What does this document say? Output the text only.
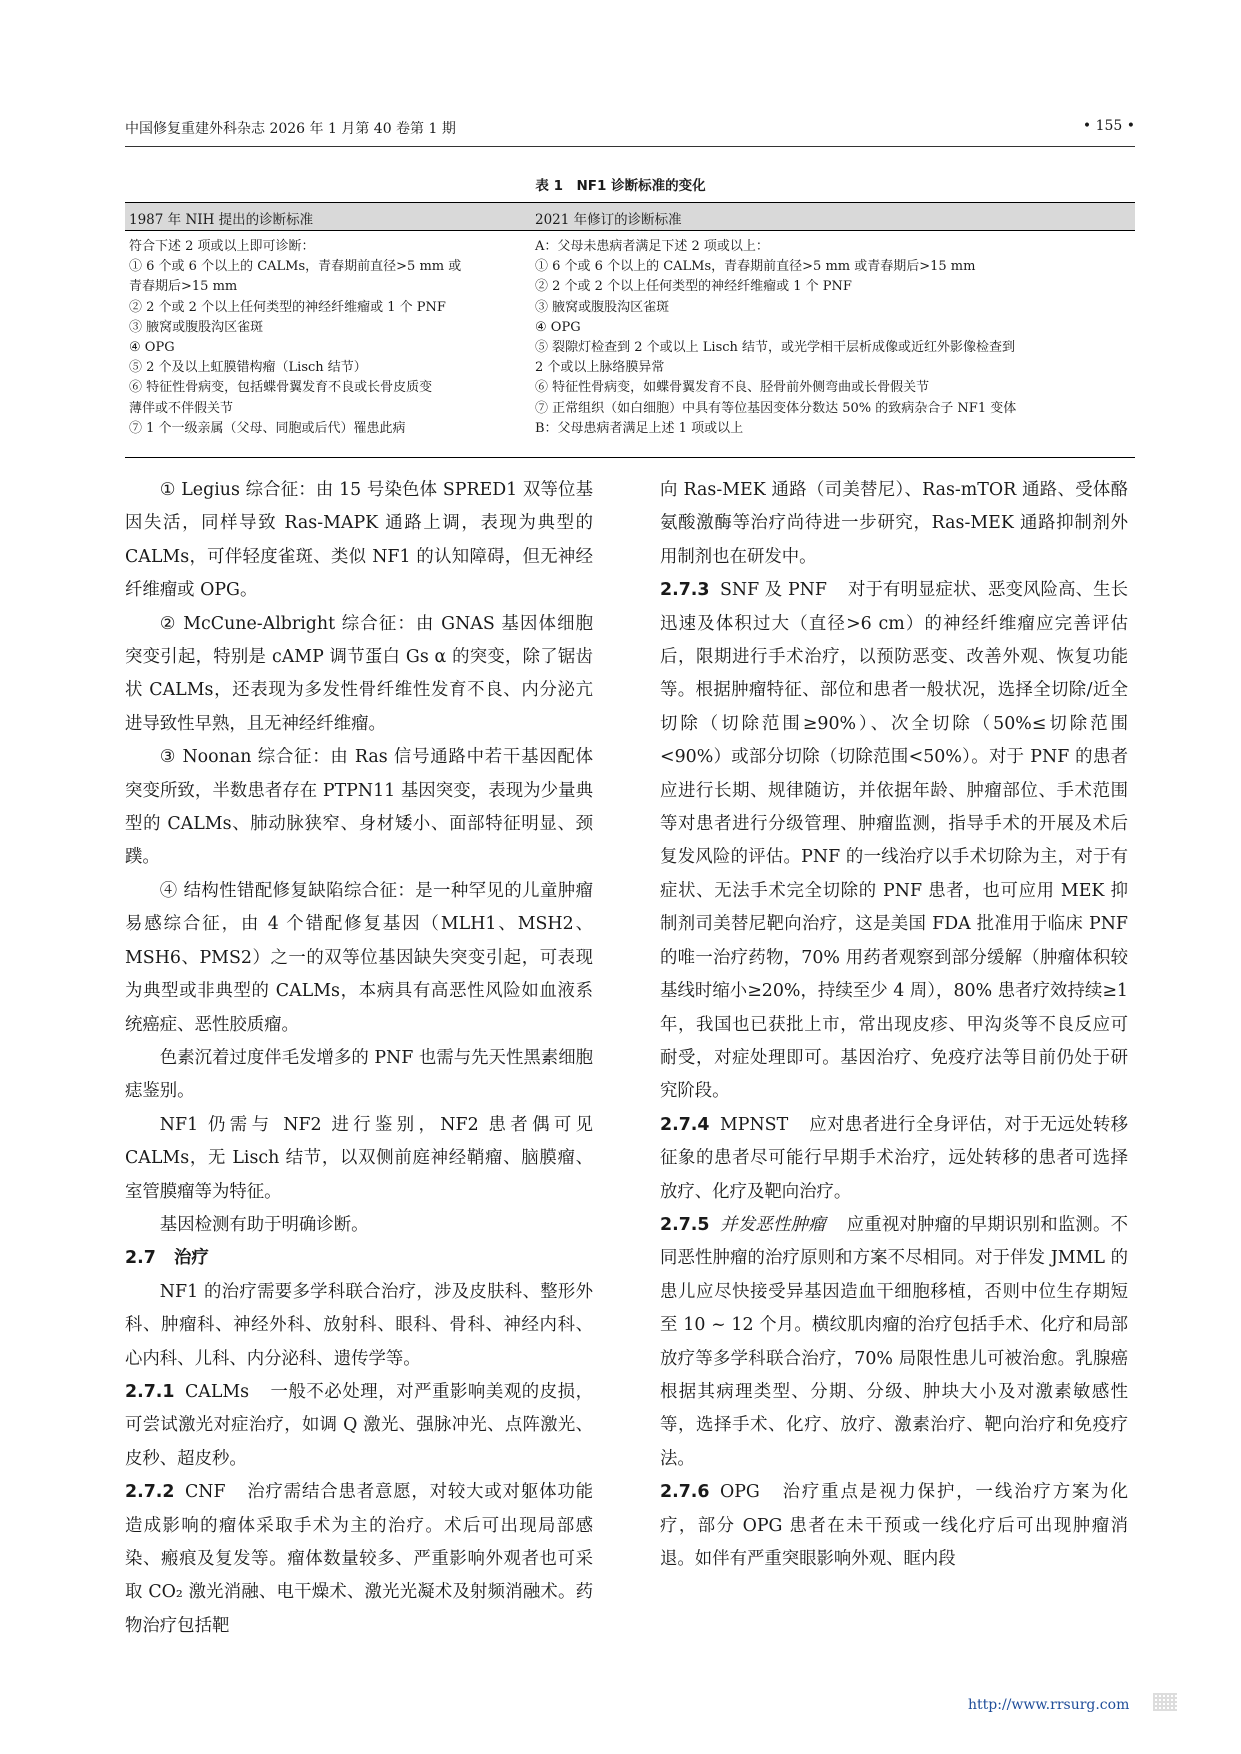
中国修复重建外科杂志 2026 年 1 月第 40 卷第 1 期	• 155 •
表 1　NF1 诊断标准的变化
1987 年 NIH 提出的诊断标准	2021 年修订的诊断标准
符合下述 2 项或以上即可诊断：
① 6 个或 6 个以上的 CALMs，青春期前直径>5 mm 或
青春期后>15 mm
② 2 个或 2 个以上任何类型的神经纤维瘤或 1 个 PNF
③ 腋窝或腹股沟区雀斑
④ OPG
⑤ 2 个及以上虹膜错构瘤（Lisch 结节）
⑥ 特征性骨病变，包括蝶骨翼发育不良或长骨皮质变
薄伴或不伴假关节
⑦ 1 个一级亲属（父母、同胞或后代）罹患此病
A：父母未患病者满足下述 2 项或以上：
① 6 个或 6 个以上的 CALMs，青春期前直径>5 mm 或青春期后>15 mm
② 2 个或 2 个以上任何类型的神经纤维瘤或 1 个 PNF
③ 腋窝或腹股沟区雀斑
④ OPG
⑤ 裂隙灯检查到 2 个或以上 Lisch 结节，或光学相干层析成像或近红外影像检查到
2 个或以上脉络膜异常
⑥ 特征性骨病变，如蝶骨翼发育不良、胫骨前外侧弯曲或长骨假关节
⑦ 正常组织（如白细胞）中具有等位基因变体分数达 50% 的致病杂合子 NF1 变体
B：父母患病者满足上述 1 项或以上

① Legius 综合征：由 15 号染色体 SPRED1 双等位基因失活，同样导致 Ras-MAPK 通路上调，表现为典型的 CALMs，可伴轻度雀斑、类似 NF1 的认知障碍，但无神经纤维瘤或 OPG。

② McCune-Albright 综合征：由 GNAS 基因体细胞突变引起，特别是 cAMP 调节蛋白 Gs α 的突变，除了锯齿状 CALMs，还表现为多发性骨纤维性发育不良、内分泌亢进导致性早熟，且无神经纤维瘤。

③ Noonan 综合征：由 Ras 信号通路中若干基因配体突变所致，半数患者存在 PTPN11 基因突变，表现为少量典型的 CALMs、肺动脉狭窄、身材矮小、面部特征明显、颈蹼。

④ 结构性错配修复缺陷综合征：是一种罕见的儿童肿瘤易感综合征，由 4 个错配修复基因（MLH1、MSH2、MSH6、PMS2）之一的双等位基因缺失突变引起，可表现为典型或非典型的 CALMs，本病具有高恶性风险如血液系统癌症、恶性胶质瘤。

色素沉着过度伴毛发增多的 PNF 也需与先天性黑素细胞痣鉴别。

NF1 仍需与 NF2 进行鉴别，NF2 患者偶可见 CALMs，无 Lisch 结节，以双侧前庭神经鞘瘤、脑膜瘤、室管膜瘤等为特征。

基因检测有助于明确诊断。

2.7 治疗

NF1 的治疗需要多学科联合治疗，涉及皮肤科、整形外科、肿瘤科、神经外科、放射科、眼科、骨科、神经内科、心内科、儿科、内分泌科、遗传学等。

2.7.1 CALMs 一般不必处理，对严重影响美观的皮损，可尝试激光对症治疗，如调 Q 激光、强脉冲光、点阵激光、皮秒、超皮秒。

2.7.2 CNF 治疗需结合患者意愿，对较大或对躯体功能造成影响的瘤体采取手术为主的治疗。术后可出现局部感染、瘢痕及复发等。瘤体数量较多、严重影响外观者也可采取 CO₂ 激光消融、电干燥术、激光光凝术及射频消融术。药物治疗包括靶

向 Ras-MEK 通路（司美替尼）、Ras-mTOR 通路、受体酪氨酸激酶等治疗尚待进一步研究，Ras-MEK 通路抑制剂外用制剂也在研发中。

2.7.3 SNF 及 PNF 对于有明显症状、恶变风险高、生长迅速及体积过大（直径>6 cm）的神经纤维瘤应完善评估后，限期进行手术治疗，以预防恶变、改善外观、恢复功能等。根据肿瘤特征、部位和患者一般状况，选择全切除/近全切除（切除范围≥90%）、次全切除（50%≤切除范围<90%）或部分切除（切除范围<50%）。对于 PNF 的患者应进行长期、规律随访，并依据年龄、肿瘤部位、手术范围等对患者进行分级管理、肿瘤监测，指导手术的开展及术后复发风险的评估。PNF 的一线治疗以手术切除为主，对于有症状、无法手术完全切除的 PNF 患者，也可应用 MEK 抑制剂司美替尼靶向治疗，这是美国 FDA 批准用于临床 PNF 的唯一治疗药物，70% 用药者观察到部分缓解（肿瘤体积较基线时缩小≥20%，持续至少 4 周），80% 患者疗效持续≥1 年，我国也已获批上市，常出现皮疹、甲沟炎等不良反应可耐受，对症处理即可。基因治疗、免疫疗法等目前仍处于研究阶段。

2.7.4 MPNST 应对患者进行全身评估，对于无远处转移征象的患者尽可能行早期手术治疗，远处转移的患者可选择放疗、化疗及靶向治疗。

2.7.5 并发恶性肿瘤 应重视对肿瘤的早期识别和监测。不同恶性肿瘤的治疗原则和方案不尽相同。对于伴发 JMML 的患儿应尽快接受异基因造血干细胞移植，否则中位生存期短至 10 ~ 12 个月。横纹肌肉瘤的治疗包括手术、化疗和局部放疗等多学科联合治疗，70% 局限性患儿可被治愈。乳腺癌根据其病理类型、分期、分级、肿块大小及对激素敏感性等，选择手术、化疗、放疗、激素治疗、靶向治疗和免疫疗法。

2.7.6 OPG 治疗重点是视力保护，一线治疗方案为化疗，部分 OPG 患者在未干预或一线化疗后可出现肿瘤消退。如伴有严重突眼影响外观、眶内段

http://www.rrsurg.com
